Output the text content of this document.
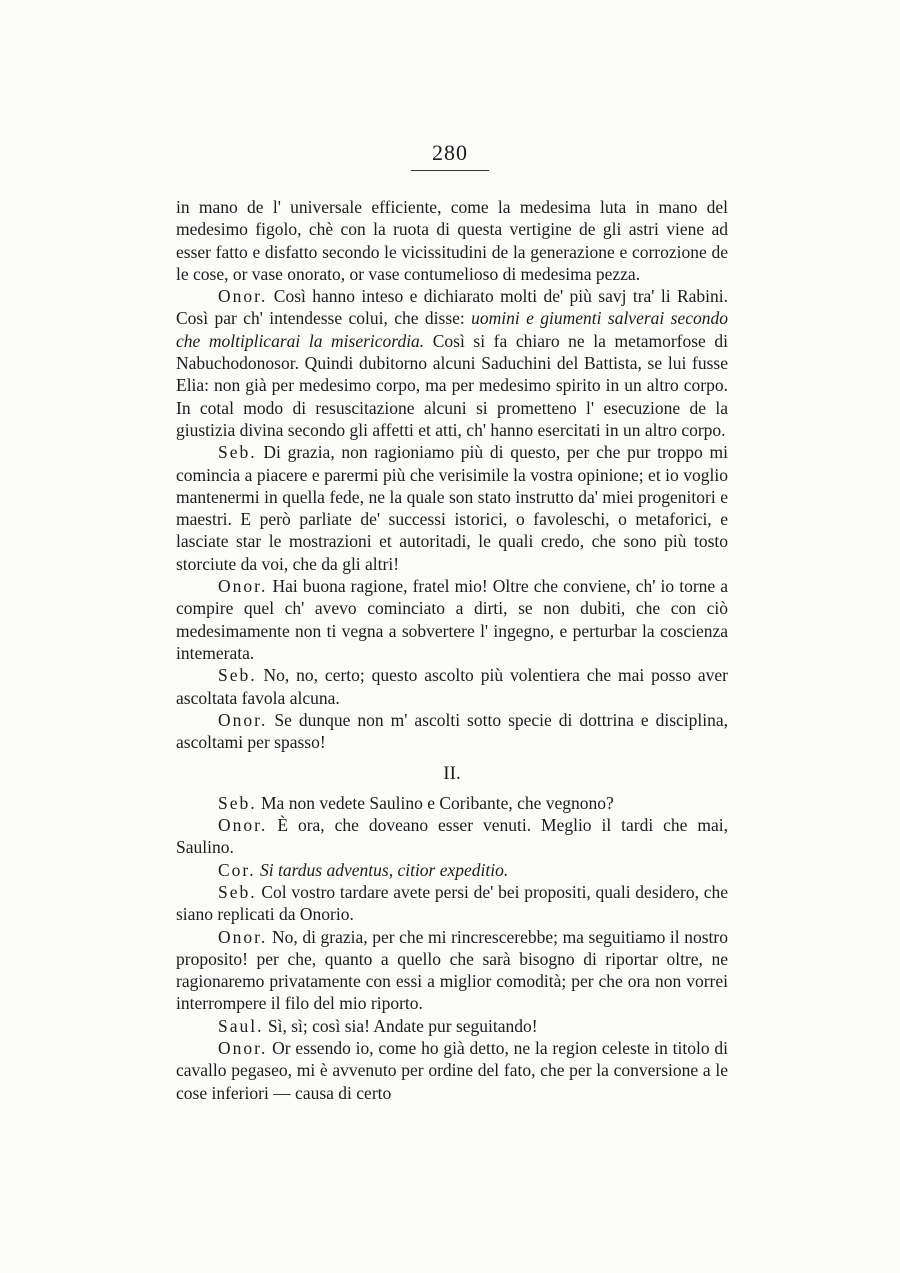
280

in mano de l' universale efficiente, come la medesima luta in mano del medesimo figolo, chè con la ruota di questa vertigine de gli astri viene ad esser fatto e disfatto secondo le vicissitudini de la generazione e corrozione de le cose, or vase onorato, or vase contumelioso di medesima pezza.

Onor. Così hanno inteso e dichiarato molti de' più savj tra' li Rabini. Così par ch' intendesse colui, che disse: uomini e giumenti salverai secondo che moltiplicarai la misericordia. Così si fa chiaro ne la metamorfose di Nabuchodonosor. Quindi dubitorno alcuni Saduchini del Battista, se lui fusse Elia: non già per medesimo corpo, ma per medesimo spirito in un altro corpo. In cotal modo di resuscitazione alcuni si prometteno l' esecuzione de la giustizia divina secondo gli affetti et atti, ch' hanno esercitati in un altro corpo.

Seb. Di grazia, non ragioniamo più di questo, per che pur troppo mi comincia a piacere e parermi più che verisimile la vostra opinione; et io voglio mantenermi in quella fede, ne la quale son stato instrutto da' miei progenitori e maestri. E però parliate de' successi istorici, o favoleschi, o metaforici, e lasciate star le mostrazioni et autoritadi, le quali credo, che sono più tosto storciute da voi, che da gli altri!

Onor. Hai buona ragione, fratel mio! Oltre che conviene, ch' io torne a compire quel ch' avevo cominciato a dirti, se non dubiti, che con ciò medesimamente non ti vegna a sobvertere l' ingegno, e perturbar la coscienza intemerata.

Seb. No, no, certo; questo ascolto più volentiera che mai posso aver ascoltata favola alcuna.

Onor. Se dunque non m' ascolti sotto specie di dottrina e disciplina, ascoltami per spasso!

II.

Seb. Ma non vedete Saulino e Coribante, che vegnono?

Onor. È ora, che doveano esser venuti. Meglio il tardi che mai, Saulino.

Cor. Si tardus adventus, citior expeditio.

Seb. Col vostro tardare avete persi de' bei propositi, quali desidero, che siano replicati da Onorio.

Onor. No, di grazia, per che mi rincrescerebbe; ma seguitiamo il nostro proposito! per che, quanto a quello che sarà bisogno di riportar oltre, ne ragionaremo privatamente con essi a miglior comodità; per che ora non vorrei interrompere il filo del mio riporto.

Saul. Sì, sì; così sia! Andate pur seguitando!

Onor. Or essendo io, come ho già detto, ne la region celeste in titolo di cavallo pegaseo, mi è avvenuto per ordine del fato, che per la conversione a le cose inferiori — causa di certo
